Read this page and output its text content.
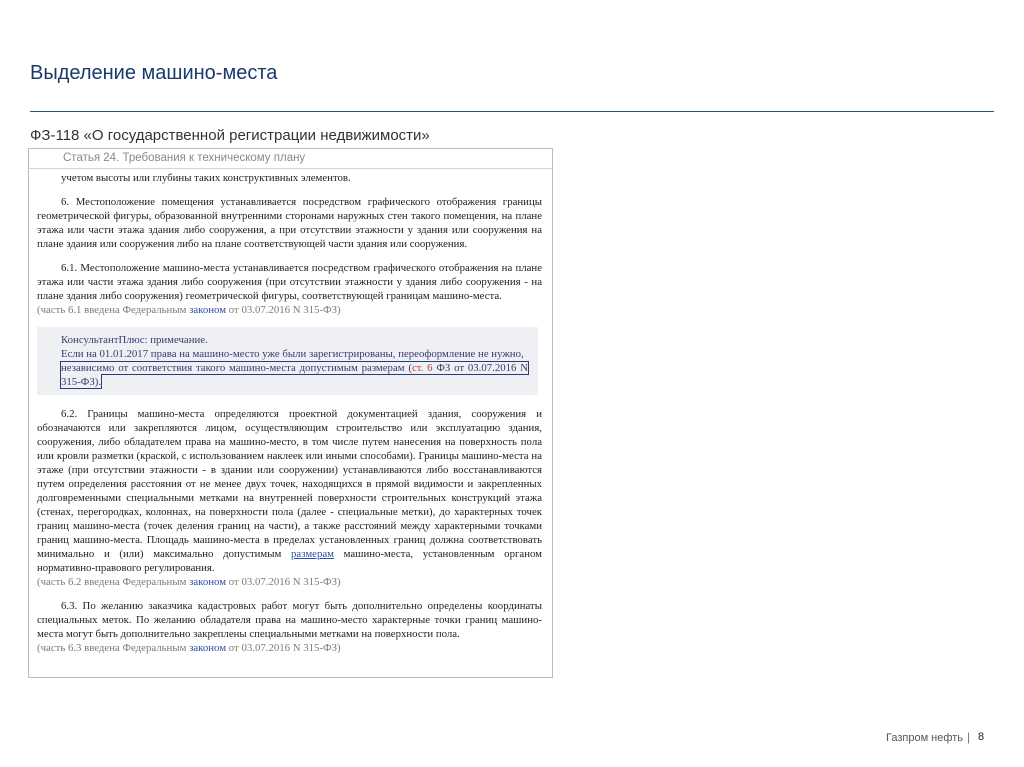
Выделение машино-места
ФЗ-118 «О государственной регистрации недвижимости»
Статья 24. Требования к техническому плану

учетом высоты или глубины таких конструктивных элементов.

6. Местоположение помещения устанавливается посредством графического отображения границы геометрической фигуры, образованной внутренними сторонами наружных стен такого помещения, на плане этажа или части этажа здания либо сооружения, а при отсутствии этажности у здания или сооружения на плане здания или сооружения либо на плане соответствующей части здания или сооружения.

6.1. Местоположение машино-места устанавливается посредством графического отображения на плане этажа или части этажа здания либо сооружения (при отсутствии этажности у здания либо сооружения - на плане здания либо сооружения) геометрической фигуры, соответствующей границам машино-места.

(часть 6.1 введена Федеральным законом от 03.07.2016 N 315-ФЗ)

КонсультантПлюс: примечание.

Если на 01.01.2017 права на машино-место уже были зарегистрированы, переоформление не нужно,

независимо от соответствия такого машино-места допустимым размерам (ст. 6 ФЗ от 03.07.2016 N 315-ФЗ).

6.2. Границы машино-места определяются проектной документацией здания, сооружения и обозначаются или закрепляются лицом, осуществляющим строительство или эксплуатацию здания, сооружения, либо обладателем права на машино-место, в том числе путем нанесения на поверхность пола или кровли разметки (краской, с использованием наклеек или иными способами). Границы машино-места на этаже (при отсутствии этажности - в здании или сооружении) устанавливаются либо восстанавливаются путем определения расстояния от не менее двух точек, находящихся в прямой видимости и закрепленных долговременными специальными метками на внутренней поверхности строительных конструкций этажа (стенах, перегородках, колоннах, на поверхности пола (далее - специальные метки), до характерных точек границ машино-места (точек деления границ на части), а также расстояний между характерными точками границ машино-места. Площадь машино-места в пределах установленных границ должна соответствовать минимально и (или) максимально допустимым размерам машино-места, установленным органом нормативно-правового регулирования.

(часть 6.2 введена Федеральным законом от 03.07.2016 N 315-ФЗ)

6.3. По желанию заказчика кадастровых работ могут быть дополнительно определены координаты специальных меток. По желанию обладателя права на машино-место характерные точки границ машино-места могут быть дополнительно закреплены специальными метками на поверхности пола.

(часть 6.3 введена Федеральным законом от 03.07.2016 N 315-ФЗ)

Газпром нефть | 8
